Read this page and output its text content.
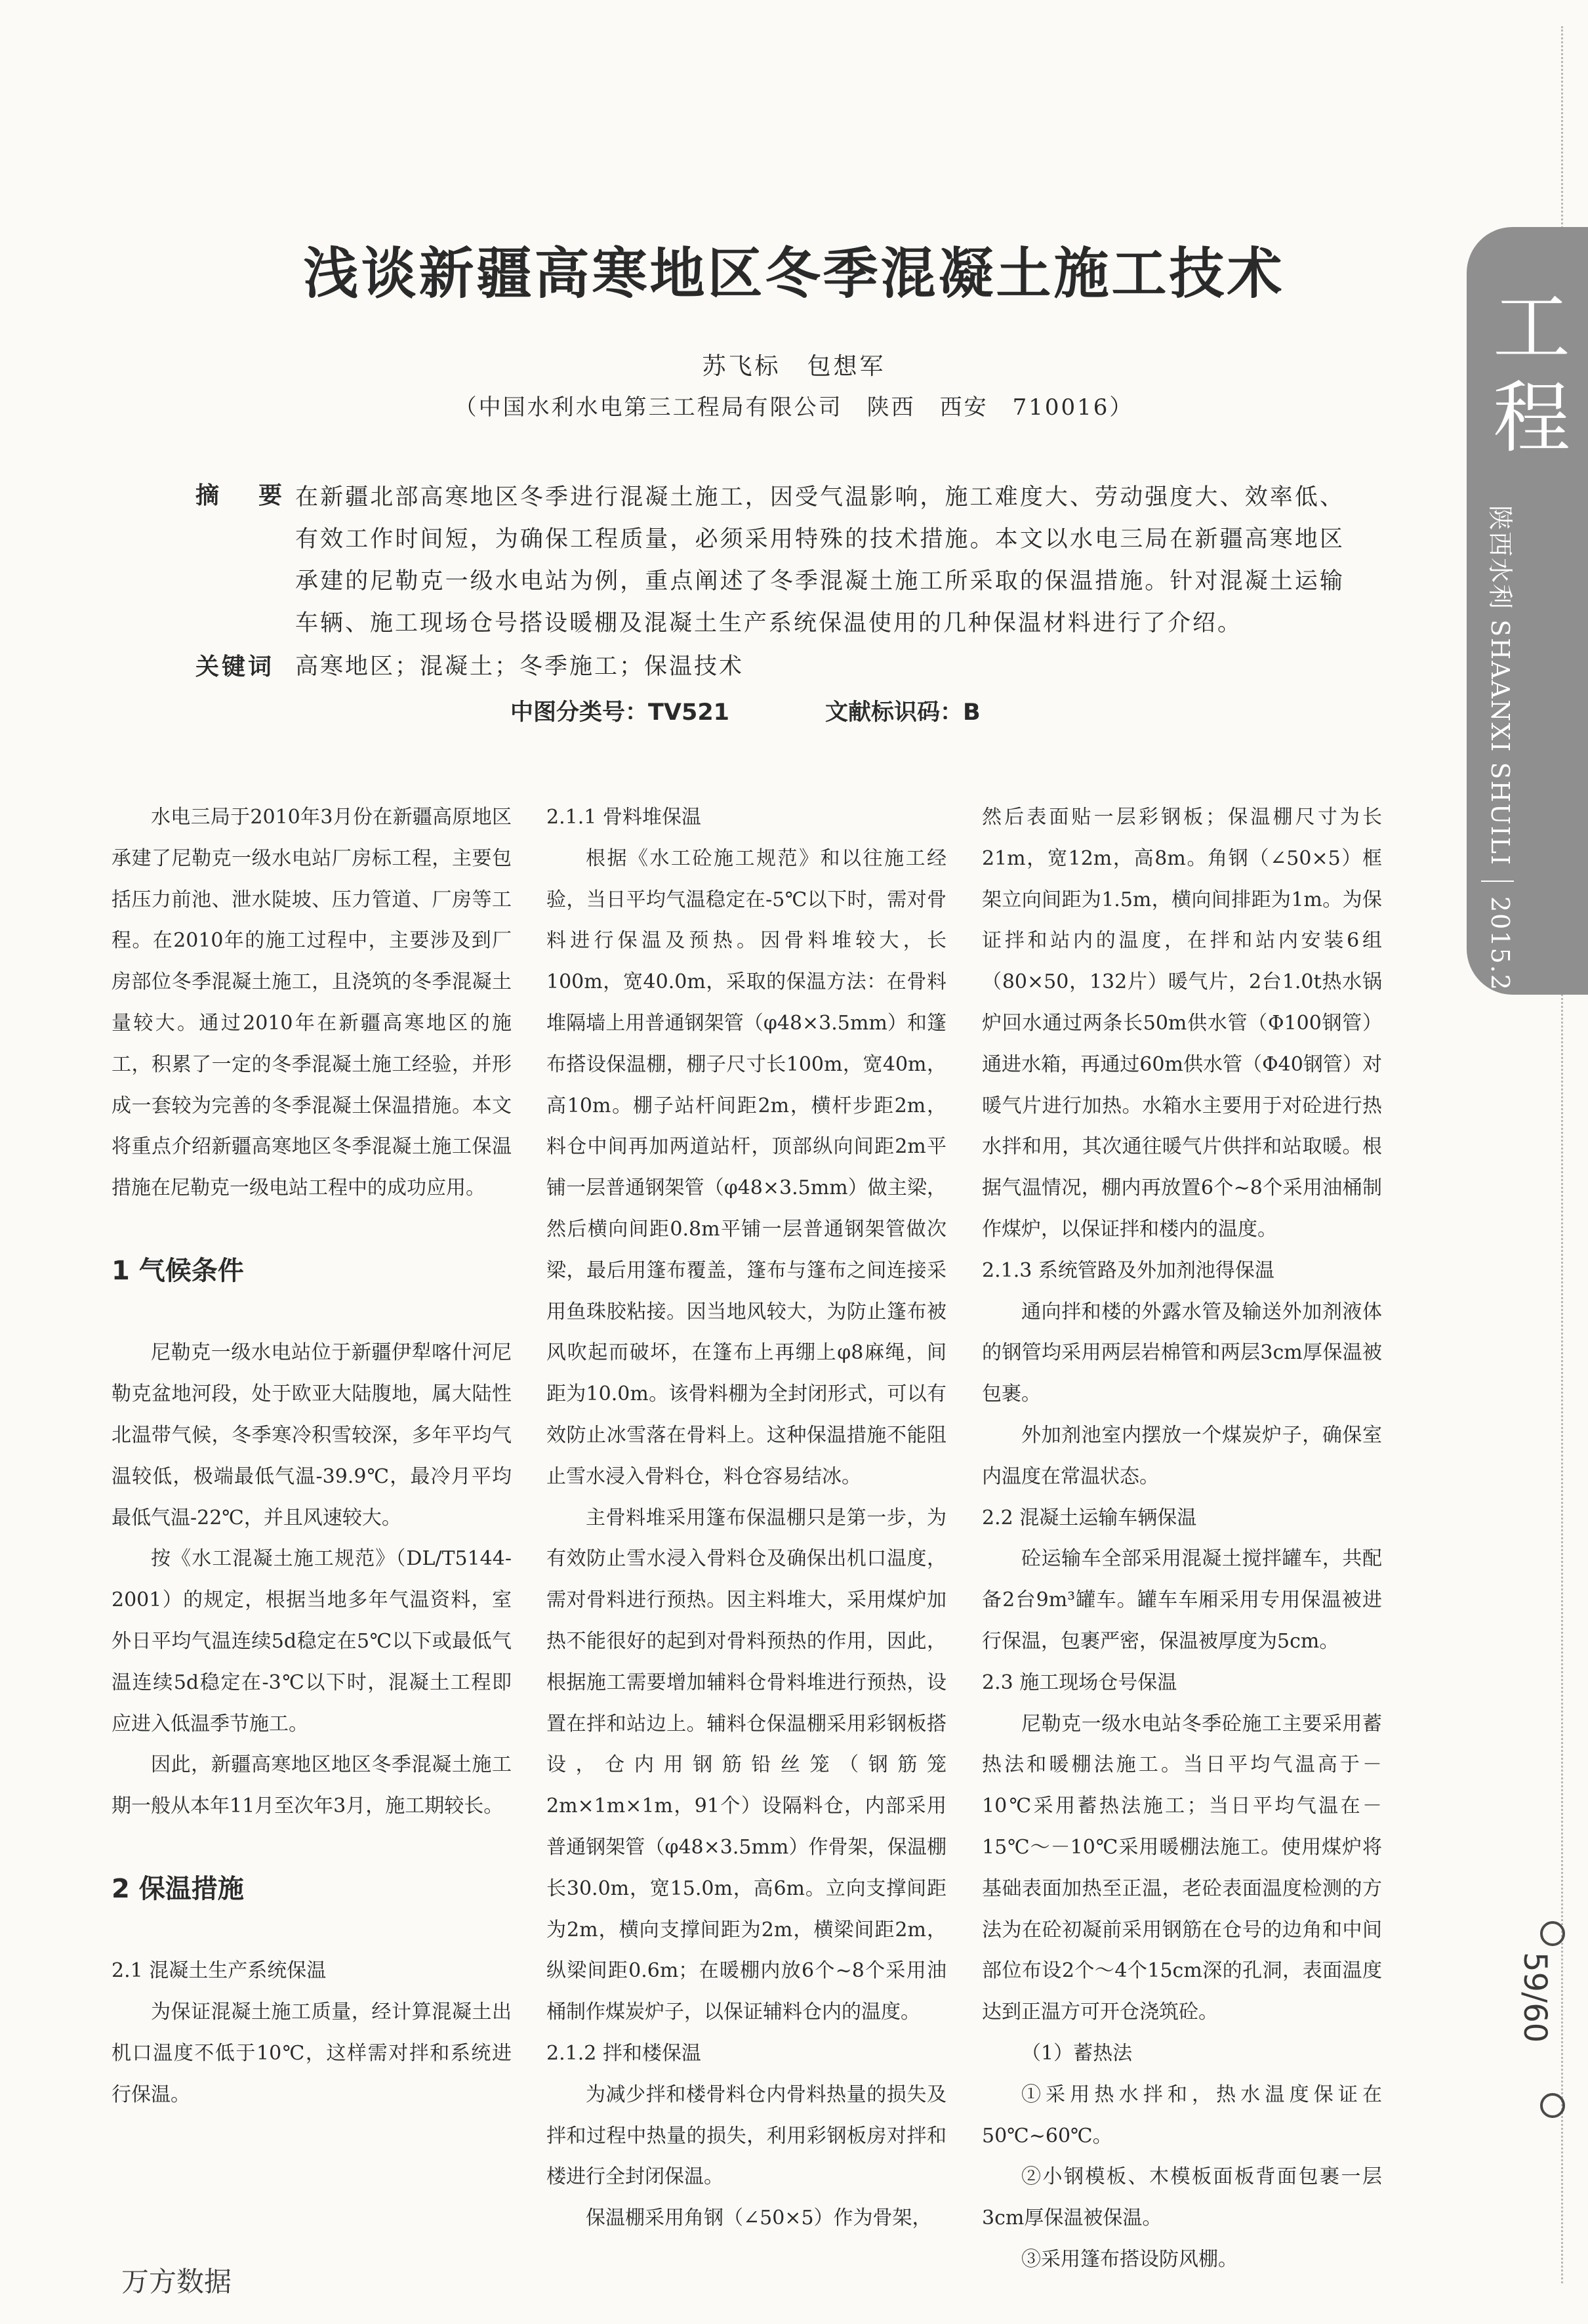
工程
陕西水利 SHAANXI SHUILI2015.2
59/60
浅谈新疆高寒地区冬季混凝土施工技术
苏飞标　包想军
（中国水利水电第三工程局有限公司　陕西　西安　710016）
摘　要 在新疆北部高寒地区冬季进行混凝土施工，因受气温影响，施工难度大、劳动强度大、效率低、有效工作时间短，为确保工程质量，必须采用特殊的技术措施。本文以水电三局在新疆高寒地区承建的尼勒克一级水电站为例，重点阐述了冬季混凝土施工所采取的保温措施。针对混凝土运输车辆、施工现场仓号搭设暖棚及混凝土生产系统保温使用的几种保温材料进行了介绍。
关键词 高寒地区；混凝土；冬季施工；保温技术
中图分类号：TV521	文献标识码：B

水电三局于2010年3月份在新疆高原地区承建了尼勒克一级水电站厂房标工程，主要包括压力前池、泄水陡坡、压力管道、厂房等工程。在2010年的施工过程中，主要涉及到厂房部位冬季混凝土施工，且浇筑的冬季混凝土量较大。通过2010年在新疆高寒地区的施工，积累了一定的冬季混凝土施工经验，并形成一套较为完善的冬季混凝土保温措施。本文将重点介绍新疆高寒地区冬季混凝土施工保温措施在尼勒克一级电站工程中的成功应用。

1 气候条件

尼勒克一级水电站位于新疆伊犁喀什河尼勒克盆地河段，处于欧亚大陆腹地，属大陆性北温带气候，冬季寒冷积雪较深，多年平均气温较低，极端最低气温-39.9℃，最冷月平均最低气温-22℃，并且风速较大。

按《水工混凝土施工规范》（DL/T5144-2001）的规定，根据当地多年气温资料，室外日平均气温连续5d稳定在5℃以下或最低气温连续5d稳定在-3℃以下时，混凝土工程即应进入低温季节施工。

因此，新疆高寒地区地区冬季混凝土施工期一般从本年11月至次年3月，施工期较长。

2 保温措施

2.1 混凝土生产系统保温

为保证混凝土施工质量，经计算混凝土出机口温度不低于10℃，这样需对拌和系统进行保温。

2.1.1 骨料堆保温

根据《水工砼施工规范》和以往施工经验，当日平均气温稳定在-5℃以下时，需对骨料进行保温及预热。因骨料堆较大，长100m，宽40.0m，采取的保温方法：在骨料堆隔墙上用普通钢架管（φ48×3.5mm）和篷布搭设保温棚，棚子尺寸长100m，宽40m，高10m。棚子站杆间距2m，横杆步距2m，料仓中间再加两道站杆，顶部纵向间距2m平铺一层普通钢架管（φ48×3.5mm）做主梁，然后横向间距0.8m平铺一层普通钢架管做次梁，最后用篷布覆盖，篷布与篷布之间连接采用鱼珠胶粘接。因当地风较大，为防止篷布被风吹起而破坏，在篷布上再绷上φ8麻绳，间距为10.0m。该骨料棚为全封闭形式，可以有效防止冰雪落在骨料上。这种保温措施不能阻止雪水浸入骨料仓，料仓容易结冰。

主骨料堆采用篷布保温棚只是第一步，为有效防止雪水浸入骨料仓及确保出机口温度，需对骨料进行预热。因主料堆大，采用煤炉加热不能很好的起到对骨料预热的作用，因此，根据施工需要增加辅料仓骨料堆进行预热，设置在拌和站边上。辅料仓保温棚采用彩钢板搭设，仓内用钢筋铅丝笼（钢筋笼2m×1m×1m，91个）设隔料仓，内部采用普通钢架管（φ48×3.5mm）作骨架，保温棚长30.0m，宽15.0m，高6m。立向支撑间距为2m，横向支撑间距为2m，横梁间距2m，纵梁间距0.6m；在暖棚内放6个~8个采用油桶制作煤炭炉子，以保证辅料仓内的温度。

2.1.2 拌和楼保温

为减少拌和楼骨料仓内骨料热量的损失及拌和过程中热量的损失，利用彩钢板房对拌和楼进行全封闭保温。

保温棚采用角钢（∠50×5）作为骨架，

然后表面贴一层彩钢板；保温棚尺寸为长21m，宽12m，高8m。角钢（∠50×5）框架立向间距为1.5m，横向间排距为1m。为保证拌和站内的温度，在拌和站内安装6组（80×50，132片）暖气片，2台1.0t热水锅炉回水通过两条长50m供水管（Φ100钢管）通进水箱，再通过60m供水管（Φ40钢管）对暖气片进行加热。水箱水主要用于对砼进行热水拌和用，其次通往暖气片供拌和站取暖。根据气温情况，棚内再放置6个~8个采用油桶制作煤炉，以保证拌和楼内的温度。

2.1.3 系统管路及外加剂池得保温

通向拌和楼的外露水管及输送外加剂液体的钢管均采用两层岩棉管和两层3cm厚保温被包裹。

外加剂池室内摆放一个煤炭炉子，确保室内温度在常温状态。

2.2 混凝土运输车辆保温

砼运输车全部采用混凝土搅拌罐车，共配备2台9m³罐车。罐车车厢采用专用保温被进行保温，包裹严密，保温被厚度为5cm。

2.3 施工现场仓号保温

尼勒克一级水电站冬季砼施工主要采用蓄热法和暖棚法施工。当日平均气温高于－10℃采用蓄热法施工；当日平均气温在－15℃～－10℃采用暖棚法施工。使用煤炉将基础表面加热至正温，老砼表面温度检测的方法为在砼初凝前采用钢筋在仓号的边角和中间部位布设2个～4个15cm深的孔洞，表面温度达到正温方可开仓浇筑砼。

（1）蓄热法

①采用热水拌和，热水温度保证在50℃~60℃。

②小钢模板、木模板面板背面包裹一层3cm厚保温被保温。

③采用篷布搭设防风棚。

万方数据
